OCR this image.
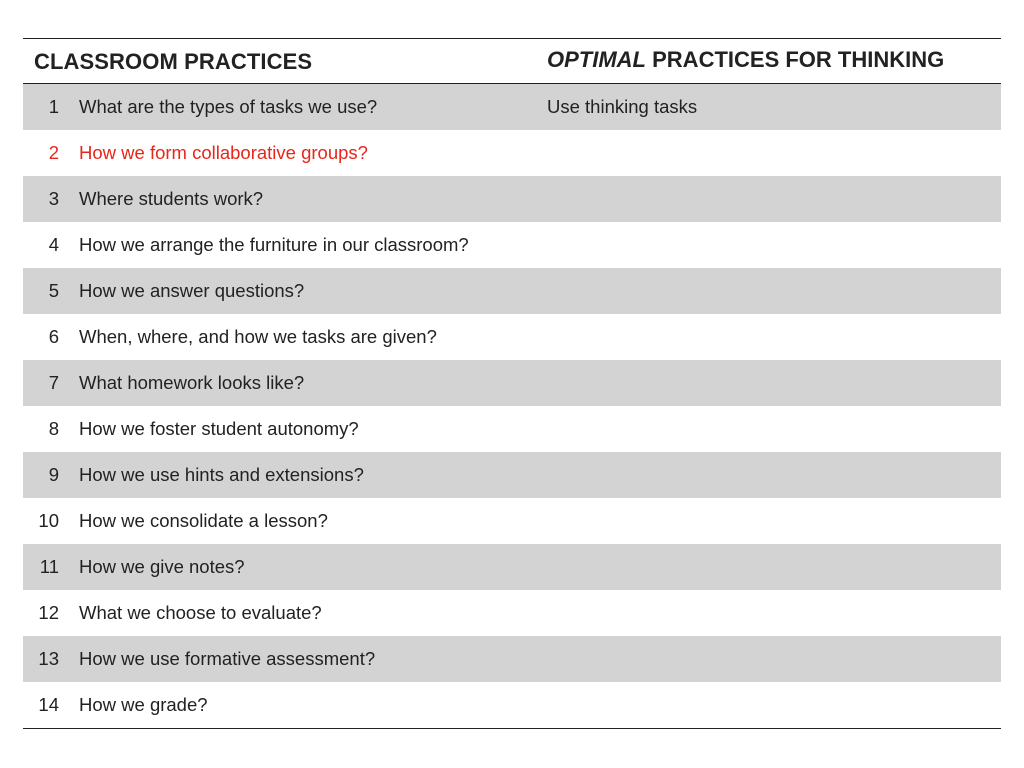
CLASSROOM PRACTICES	OPTIMAL PRACTICES FOR THINKING
1 What are the types of tasks we use?	Use thinking tasks
2 How we form collaborative groups?
3 Where students work?
4 How we arrange the furniture in our classroom?
5 How we answer questions?
6 When, where, and how we tasks are given?
7 What homework looks like?
8 How we foster student autonomy?
9 How we use hints and extensions?
10 How we consolidate a lesson?
11 How we give notes?
12 What we choose to evaluate?
13 How we use formative assessment?
14 How we grade?
